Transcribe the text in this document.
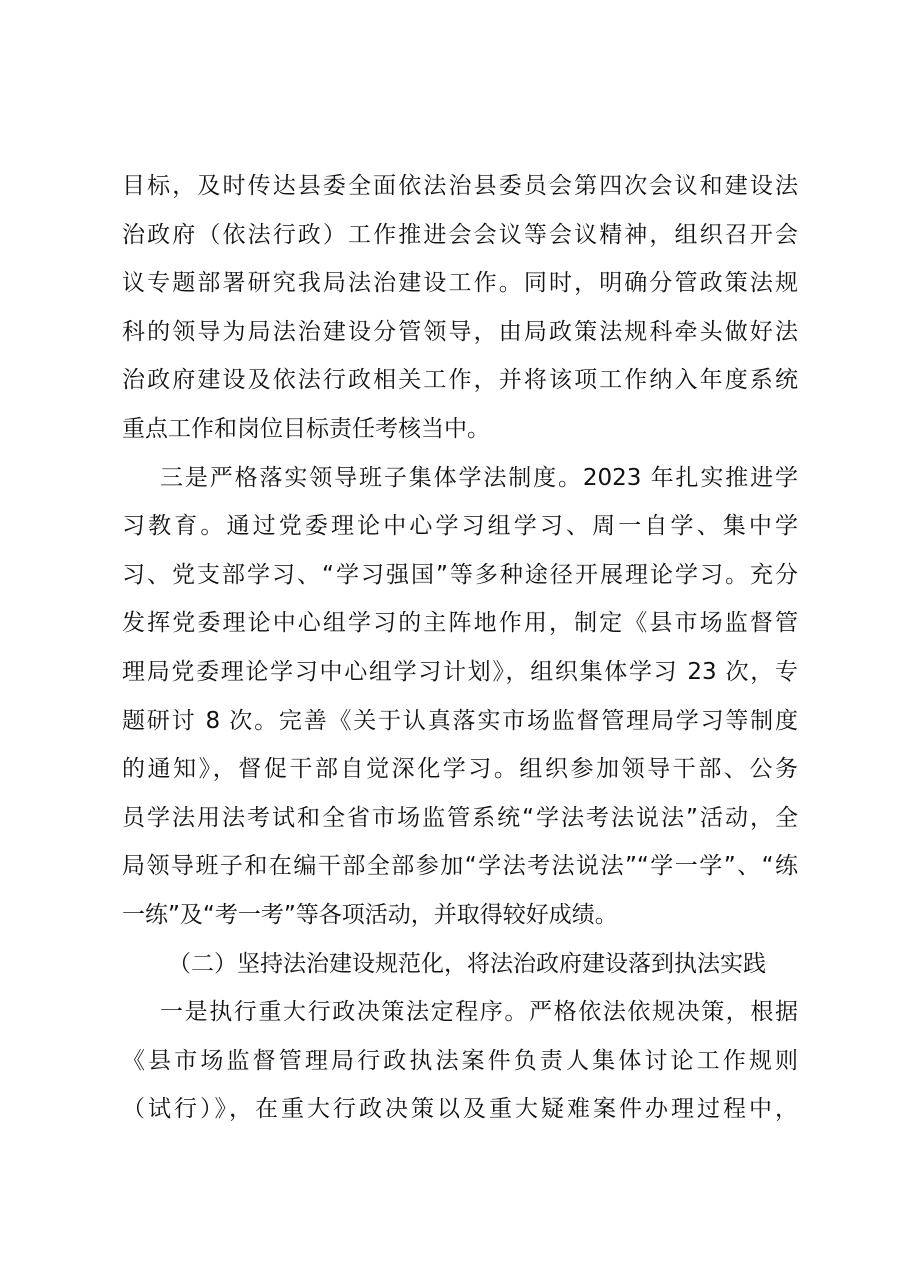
目标，及时传达县委全面依法治县委员会第四次会议和建设法
治政府（依法行政）工作推进会会议等会议精神，组织召开会
议专题部署研究我局法治建设工作。同时，明确分管政策法规
科的领导为局法治建设分管领导，由局政策法规科牵头做好法
治政府建设及依法行政相关工作，并将该项工作纳入年度系统
重点工作和岗位目标责任考核当中。
三是严格落实领导班子集体学法制度。2023 年扎实推进学
习教育。通过党委理论中心学习组学习、周一自学、集中学
习、党支部学习、“学习强国”等多种途径开展理论学习。充分
发挥党委理论中心组学习的主阵地作用，制定《县市场监督管
理局党委理论学习中心组学习计划》，组织集体学习 23 次，专
题研讨 8 次。完善《关于认真落实市场监督管理局学习等制度
的通知》，督促干部自觉深化学习。组织参加领导干部、公务
员学法用法考试和全省市场监管系统“学法考法说法”活动，全
局领导班子和在编干部全部参加“学法考法说法”“学一学”、“练
一练”及“考一考”等各项活动，并取得较好成绩。
（二）坚持法治建设规范化，将法治政府建设落到执法实践
一是执行重大行政决策法定程序。严格依法依规决策，根据
《县市场监督管理局行政执法案件负责人集体讨论工作规则
（试行）》，在重大行政决策以及重大疑难案件办理过程中，
